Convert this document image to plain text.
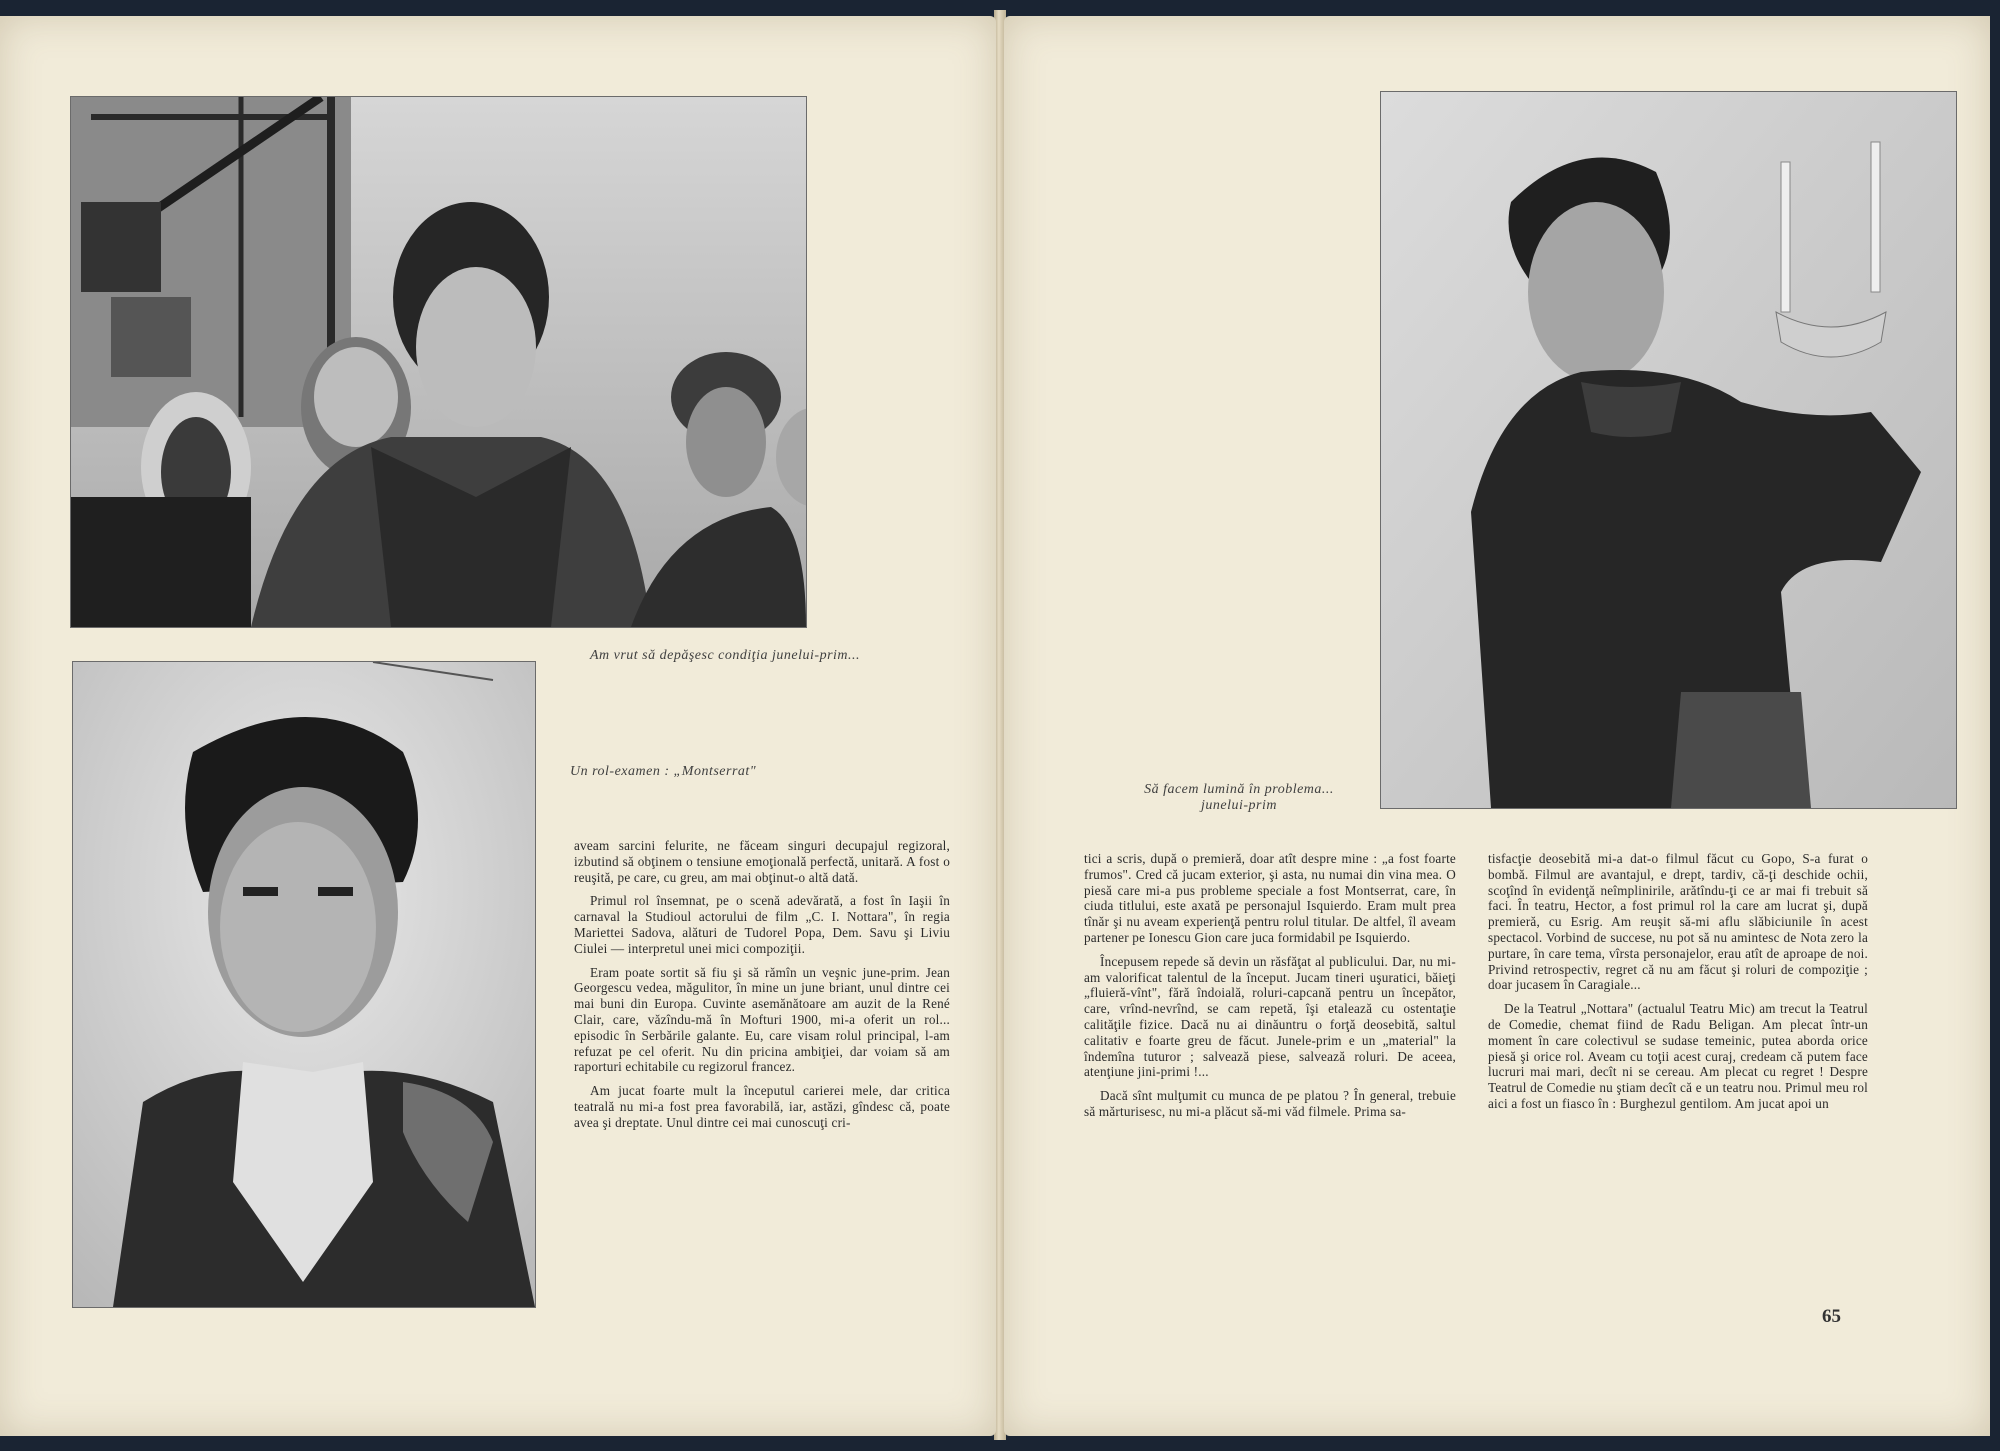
Am vrut să depăşesc condiţia junelui-prim...
Un rol-examen : „Montserrat"

aveam sarcini felurite, ne făceam singuri decupajul regizoral, izbutind să obţinem o tensiune emoţională perfectă, unitară. A fost o reuşită, pe care, cu greu, am mai obţinut-o altă dată.

Primul rol însemnat, pe o scenă adevărată, a fost în Iaşii în carnaval la Studioul actorului de film „C. I. Nottara", în regia Mariettei Sadova, alături de Tudorel Popa, Dem. Savu şi Liviu Ciulei — interpretul unei mici compoziţii.

Eram poate sortit să fiu şi să rămîn un veşnic june-prim. Jean Georgescu vedea, măgulitor, în mine un june briant, unul dintre cei mai buni din Europa. Cuvinte asemănătoare am auzit de la René Clair, care, văzîndu-mă în Mofturi 1900, mi-a oferit un rol... episodic în Serbările galante. Eu, care visam rolul principal, l-am refuzat pe cel oferit. Nu din pricina ambiţiei, dar voiam să am raporturi echitabile cu regizorul francez.

Am jucat foarte mult la începutul carierei mele, dar critica teatrală nu mi-a fost prea favorabilă, iar, astăzi, gîndesc că, poate avea şi dreptate. Unul dintre cei mai cunoscuţi cri-

Să facem lumină în problema... junelui-prim

tici a scris, după o premieră, doar atît despre mine : „a fost foarte frumos". Cred că jucam exterior, şi asta, nu numai din vina mea. O piesă care mi-a pus probleme speciale a fost Montserrat, care, în ciuda titlului, este axată pe personajul Isquierdo. Eram mult prea tînăr şi nu aveam experienţă pentru rolul titular. De altfel, îl aveam partener pe Ionescu Gion care juca formidabil pe Isquierdo.

Începusem repede să devin un răsfăţat al publicului. Dar, nu mi-am valorificat talentul de la început. Jucam tineri uşuratici, băieţi „fluieră-vînt", fără îndoială, roluri-capcană pentru un începător, care, vrînd-nevrînd, se cam repetă, îşi etalează cu ostentaţie calităţile fizice. Dacă nu ai dinăuntru o forţă deosebită, saltul calitativ e foarte greu de făcut. Junele-prim e un „material" la îndemîna tuturor ; salvează piese, salvează roluri. De aceea, atenţiune jini-primi !...

Dacă sînt mulţumit cu munca de pe platou ? În general, trebuie să mărturisesc, nu mi-a plăcut să-mi văd filmele. Prima sa-

tisfacţie deosebită mi-a dat-o filmul făcut cu Gopo, S-a furat o bombă. Filmul are avantajul, e drept, tardiv, că-ţi deschide ochii, scoţînd în evidenţă neîmplinirile, arătîndu-ţi ce ar mai fi trebuit să faci. În teatru, Hector, a fost primul rol la care am lucrat şi, după premieră, cu Esrig. Am reuşit să-mi aflu slăbiciunile în acest spectacol. Vorbind de succese, nu pot să nu amintesc de Nota zero la purtare, în care tema, vîrsta personajelor, erau atît de aproape de noi. Privind retrospectiv, regret că nu am făcut şi roluri de compoziţie ; doar jucasem în Caragiale...

De la Teatrul „Nottara" (actualul Teatru Mic) am trecut la Teatrul de Comedie, chemat fiind de Radu Beligan. Am plecat într-un moment în care colectivul se sudase temeinic, putea aborda orice piesă şi orice rol. Aveam cu toţii acest curaj, credeam că putem face lucruri mai mari, decît ni se cereau. Am plecat cu regret ! Despre Teatrul de Comedie nu ştiam decît că e un teatru nou. Primul meu rol aici a fost un fiasco în : Burghezul gentilom. Am jucat apoi un

65
